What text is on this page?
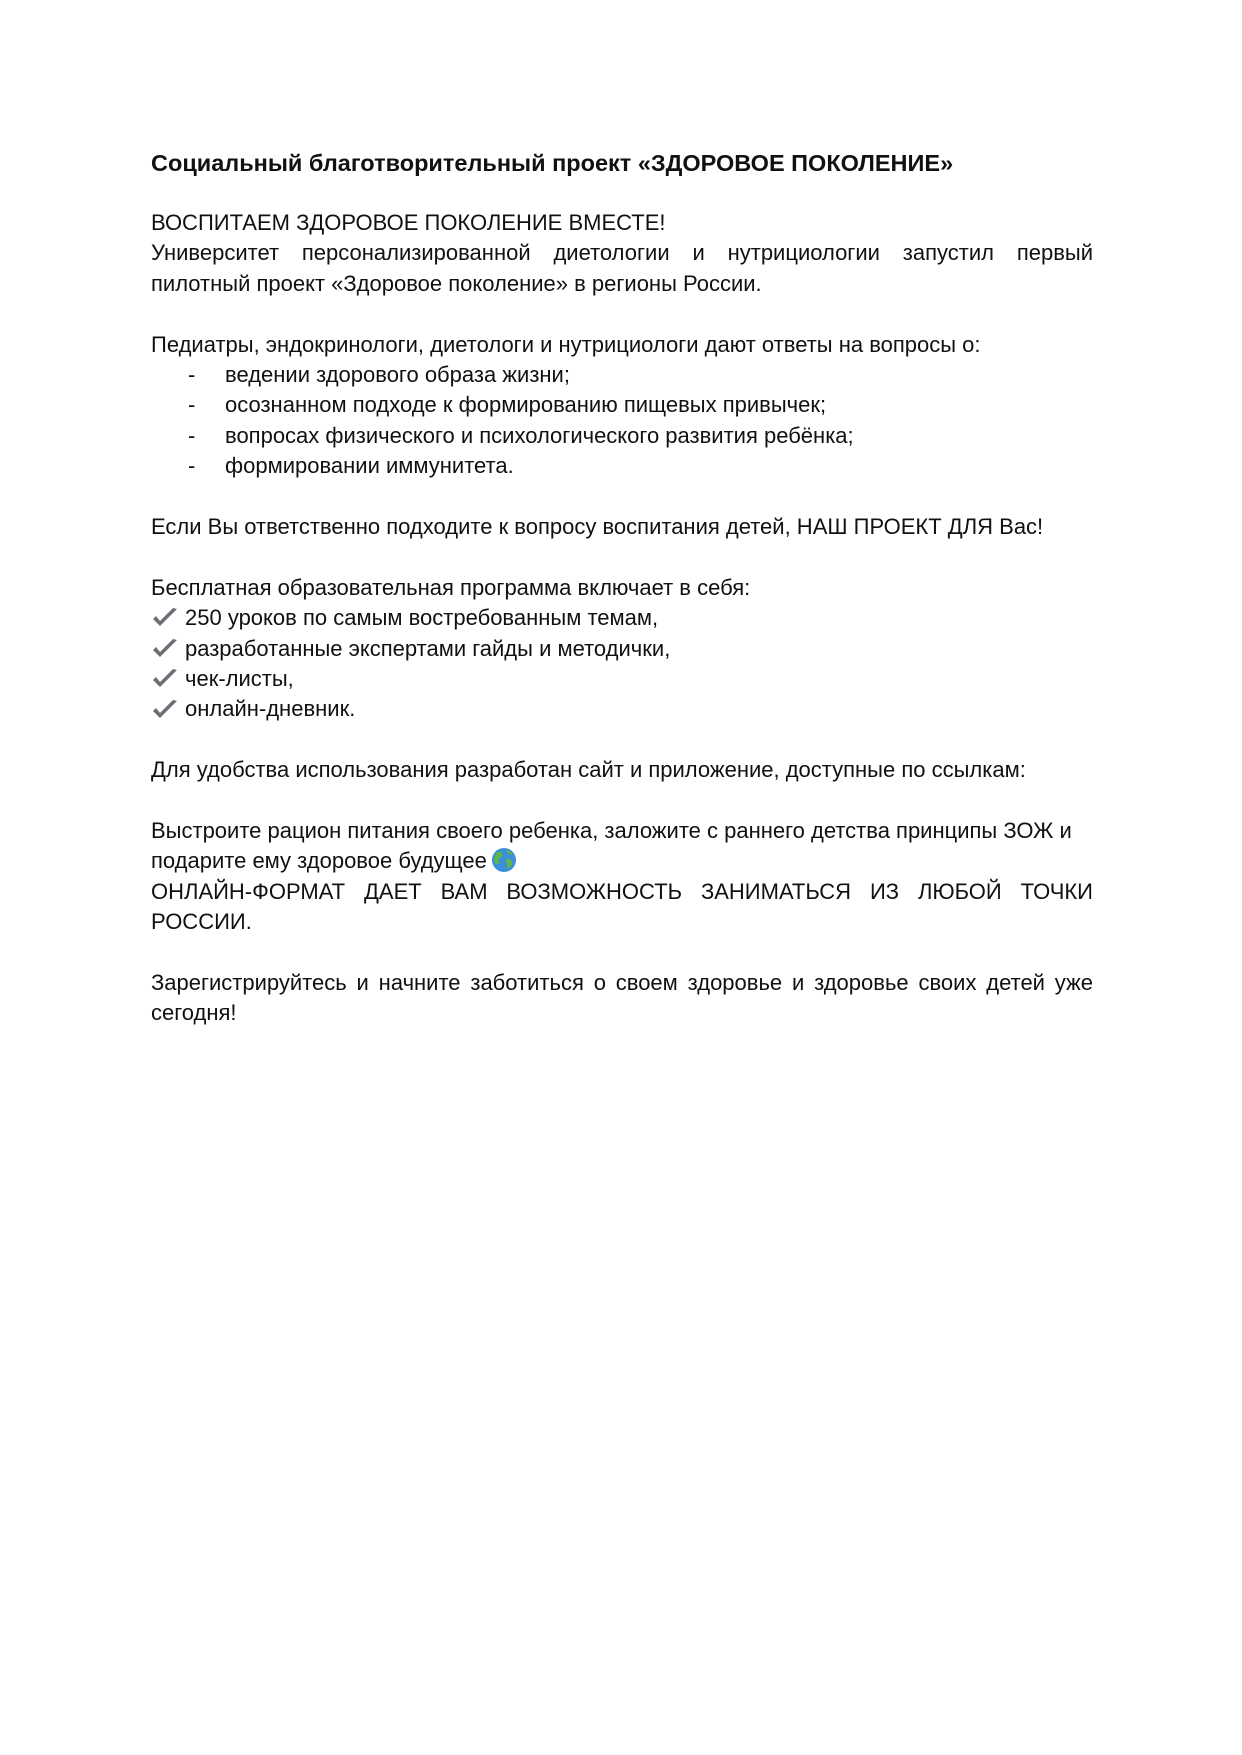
Социальный благотворительный проект «ЗДОРОВОЕ ПОКОЛЕНИЕ»

ВОСПИТАЕМ ЗДОРОВОЕ ПОКОЛЕНИЕ ВМЕСТЕ!

Университет персонализированной диетологии и нутрициологии запустил первый пилотный проект «Здоровое поколение» в регионы России.

Педиатры, эндокринологи, диетологи и нутрициологи дают ответы на вопросы о:

- ведении здорового образа жизни;
- осознанном подходе к формированию пищевых привычек;
- вопросах физического и психологического развития ребёнка;
- формировании иммунитета.

Если Вы ответственно подходите к вопросу воспитания детей, НАШ ПРОЕКТ ДЛЯ Вас!

Бесплатная образовательная программа включает в себя:

250 уроков по самым востребованным темам,
разработанные экспертами гайды и методички,
чек-листы,
онлайн-дневник.

Для удобства использования разработан сайт и приложение, доступные по ссылкам:

Выстроите рацион питания своего ребенка, заложите с раннего детства принципы ЗОЖ и подарите ему здоровое будущее

ОНЛАЙН-ФОРМАТ ДАЕТ ВАМ ВОЗМОЖНОСТЬ ЗАНИМАТЬСЯ ИЗ ЛЮБОЙ ТОЧКИ РОССИИ.

Зарегистрируйтесь и начните заботиться о своем здоровье и здоровье своих детей уже сегодня!
